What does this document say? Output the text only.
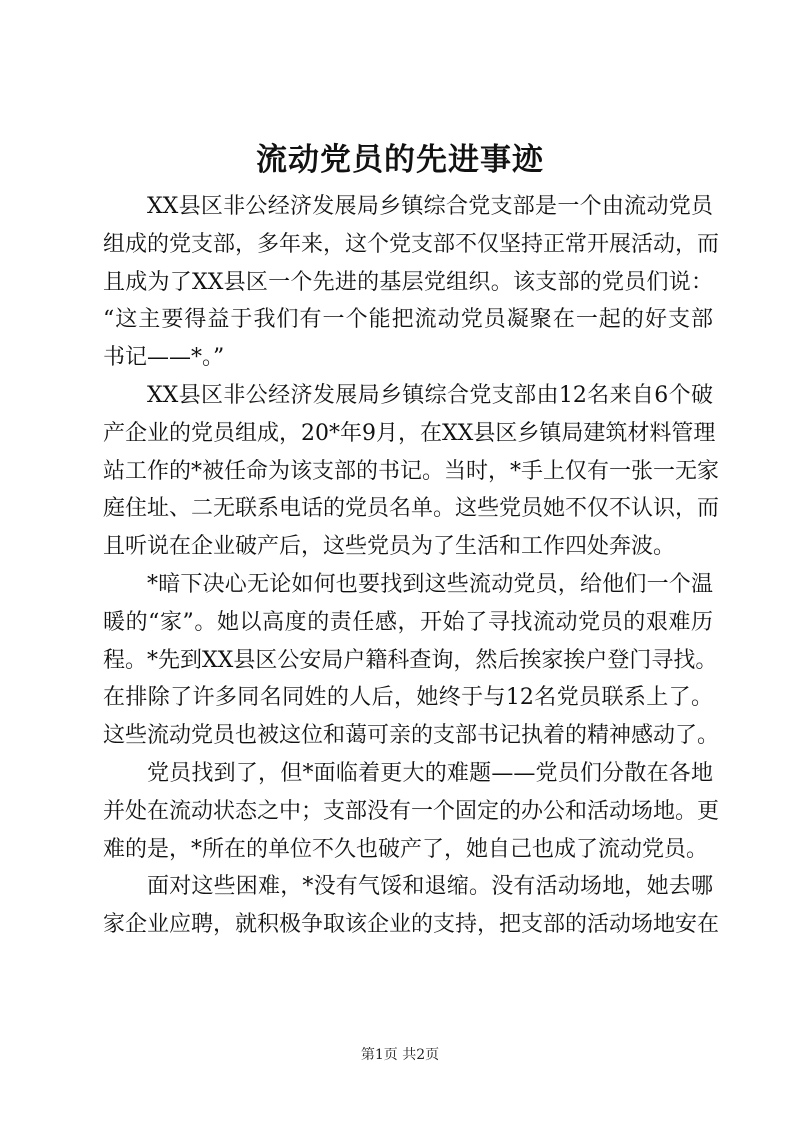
流动党员的先进事迹
XX县区非公经济发展局乡镇综合党支部是一个由流动党员
组成的党支部，多年来，这个党支部不仅坚持正常开展活动，而
且成为了XX县区一个先进的基层党组织。该支部的党员们说：
“这主要得益于我们有一个能把流动党员凝聚在一起的好支部
书记——*。”
XX县区非公经济发展局乡镇综合党支部由12名来自6个破
产企业的党员组成，20*年9月，在XX县区乡镇局建筑材料管理
站工作的*被任命为该支部的书记。当时，*手上仅有一张一无家
庭住址、二无联系电话的党员名单。这些党员她不仅不认识，而
且听说在企业破产后，这些党员为了生活和工作四处奔波。
*暗下决心无论如何也要找到这些流动党员，给他们一个温
暖的“家”。她以高度的责任感，开始了寻找流动党员的艰难历
程。*先到XX县区公安局户籍科查询，然后挨家挨户登门寻找。
在排除了许多同名同姓的人后，她终于与12名党员联系上了。
这些流动党员也被这位和蔼可亲的支部书记执着的精神感动了。
党员找到了，但*面临着更大的难题——党员们分散在各地
并处在流动状态之中；支部没有一个固定的办公和活动场地。更
难的是，*所在的单位不久也破产了，她自己也成了流动党员。
面对这些困难，*没有气馁和退缩。没有活动场地，她去哪
家企业应聘，就积极争取该企业的支持，把支部的活动场地安在
第1页 共2页
